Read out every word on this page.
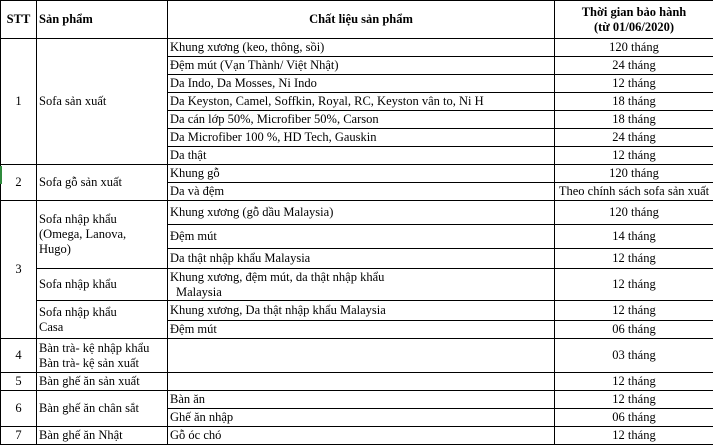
STT	Sản phẩm	Chất liệu sản phẩm	Thời gian bảo hành
(từ 01/06/2020)

1	Sofa sản xuất	Khung xương (keo, thông, sồi)	120 tháng

		Đệm mút (Vạn Thành/ Việt Nhật)	24 tháng

		Da Indo, Da Mosses, Ni Indo	12 tháng

		Da Keyston, Camel, Soffkin, Royal, RC, Keyston vân to, Ni H	18 tháng

		Da cán lớp 50%, Microfiber 50%, Carson	18 tháng

		Da Microfiber 100 %, HD Tech, Gauskin	24 tháng

		Da thật	12 tháng
2	Sofa gỗ sản xuất	Khung gỗ	120 tháng

		Da và đệm	Theo chính sách sofa sản xuất
3	Sofa nhập khẩu
(Omega, Lanova,
Hugo)	Khung xương (gỗ dầu Malaysia)	120 tháng

		Đệm mút	14 tháng

		Da thật nhập khẩu Malaysia	12 tháng

	Sofa nhập khẩu	Khung xương, đệm mút, da thật nhập khẩu
Malaysia	12 tháng

	Sofa nhập khẩu
Casa	Khung xương, Da thật nhập khẩu Malaysia	12 tháng

		Đệm mút	06 tháng
4	Bàn trà- kệ nhập khẩu
Bàn trà- kệ sản xuất		03 tháng
5	Bàn ghế ăn sản xuất		12 tháng
6	Bàn ghế ăn chân sắt	Bàn ăn	12 tháng

		Ghế ăn nhập	06 tháng
7	Bàn ghế ăn Nhật	Gỗ óc chó	12 tháng
